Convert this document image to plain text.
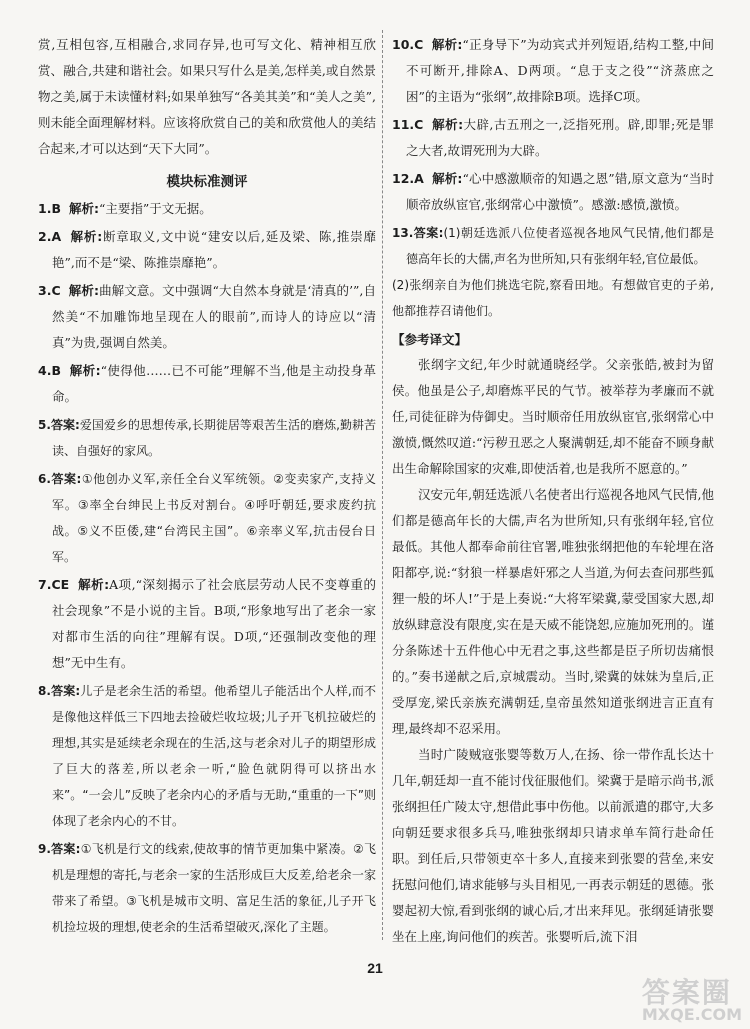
赏,互相包容,互相融合,求同存异,也可写文化、精神相互欣赏、融合,共建和谐社会。如果只写什么是美,怎样美,或自然景物之美,属于未读懂材料;如果单独写“各美其美”和“美人之美”,则未能全面理解材料。应该将欣赏自己的美和欣赏他人的美结合起来,才可以达到“天下大同”。

模块标准测评

1.B 解析:“主要指”于文无据。

2.A 解析:断章取义,文中说“建安以后,延及梁、陈,推崇靡艳”,而不是“梁、陈推崇靡艳”。

3.C 解析:曲解文意。文中强调“大自然本身就是‘清真的’”,自然美“不加雕饰地呈现在人的眼前”,而诗人的诗应以“清真”为贵,强调自然美。

4.B 解析:“使得他……已不可能”理解不当,他是主动投身革命。

5.答案:爱国爱乡的思想传承,长期徙居等艰苦生活的磨炼,勤耕苦读、自强好的家风。

6.答案:①他创办义军,亲任全台义军统领。②变卖家产,支持义军。③率全台绅民上书反对割台。④呼吁朝廷,要求废约抗战。⑤义不臣倭,建“台湾民主国”。⑥亲率义军,抗击侵台日军。

7.CE 解析:A项,“深刻揭示了社会底层劳动人民不变尊重的社会现象”不是小说的主旨。B项,“形象地写出了老余一家对都市生活的向往”理解有误。D项,“还强制改变他的理想”无中生有。

8.答案:儿子是老余生活的希望。他希望儿子能活出个人样,而不是像他这样低三下四地去捡破烂收垃圾;儿子开飞机拉破烂的理想,其实是延续老余现在的生活,这与老余对儿子的期望形成了巨大的落差,所以老余一听,“脸色就阴得可以挤出水来”。“一会儿”反映了老余内心的矛盾与无助,“重重的一下”则体现了老余内心的不甘。

9.答案:①飞机是行文的线索,使故事的情节更加集中紧凑。②飞机是理想的寄托,与老余一家的生活形成巨大反差,给老余一家带来了希望。③飞机是城市文明、富足生活的象征,儿子开飞机捡垃圾的理想,使老余的生活希望破灭,深化了主题。

10.C 解析:“正身导下”为动宾式并列短语,结构工整,中间不可断开,排除A、D两项。“息于支之役”“济蒸庶之困”的主语为“张纲”,故排除B项。选择C项。

11.C 解析:大辟,古五刑之一,泛指死刑。辟,即罪;死是罪之大者,故谓死刑为大辟。

12.A 解析:“心中感激顺帝的知遇之恩”错,原文意为“当时顺帝放纵宦官,张纲常心中激愤”。感激:感愤,激愤。

13.答案:(1)朝廷选派八位使者巡视各地风气民情,他们都是德高年长的大儒,声名为世所知,只有张纲年轻,官位最低。

(2)张纲亲自为他们挑选宅院,察看田地。有想做官吏的子弟,他都推荐召请他们。

【参考译文】

张纲字文纪,年少时就通晓经学。父亲张皓,被封为留侯。他虽是公子,却磨炼平民的气节。被举荐为孝廉而不就任,司徒征辟为侍御史。当时顺帝任用放纵宦官,张纲常心中激愤,慨然叹道:“污秽丑恶之人聚满朝廷,却不能奋不顾身献出生命解除国家的灾难,即使活着,也是我所不愿意的。”

汉安元年,朝廷选派八名使者出行巡视各地风气民情,他们都是德高年长的大儒,声名为世所知,只有张纲年轻,官位最低。其他人都奉命前往官署,唯独张纲把他的车轮埋在洛阳都亭,说:“豺狼一样暴虐奸邪之人当道,为何去查问那些狐狸一般的坏人!”于是上奏说:“大将军梁冀,蒙受国家大恩,却放纵肆意没有限度,实在是天威不能饶恕,应施加死刑的。谨分条陈述十五件他心中无君之事,这些都是臣子所切齿痛恨的。”奏书递献之后,京城震动。当时,梁冀的妹妹为皇后,正受厚宠,梁氏亲族充满朝廷,皇帝虽然知道张纲进言正直有理,最终却不忍采用。

当时广陵贼寇张婴等数万人,在扬、徐一带作乱长达十几年,朝廷却一直不能讨伐征服他们。梁冀于是暗示尚书,派张纲担任广陵太守,想借此事中伤他。以前派遣的郡守,大多向朝廷要求很多兵马,唯独张纲却只请求单车简行赴命任职。到任后,只带领吏卒十多人,直接来到张婴的营垒,来安抚慰问他们,请求能够与头目相见,一再表示朝廷的恩德。张婴起初大惊,看到张纲的诚心后,才出来拜见。张纲延请张婴坐在上座,询问他们的疾苦。张婴听后,流下泪

21
答案圈
MXQE.COM
